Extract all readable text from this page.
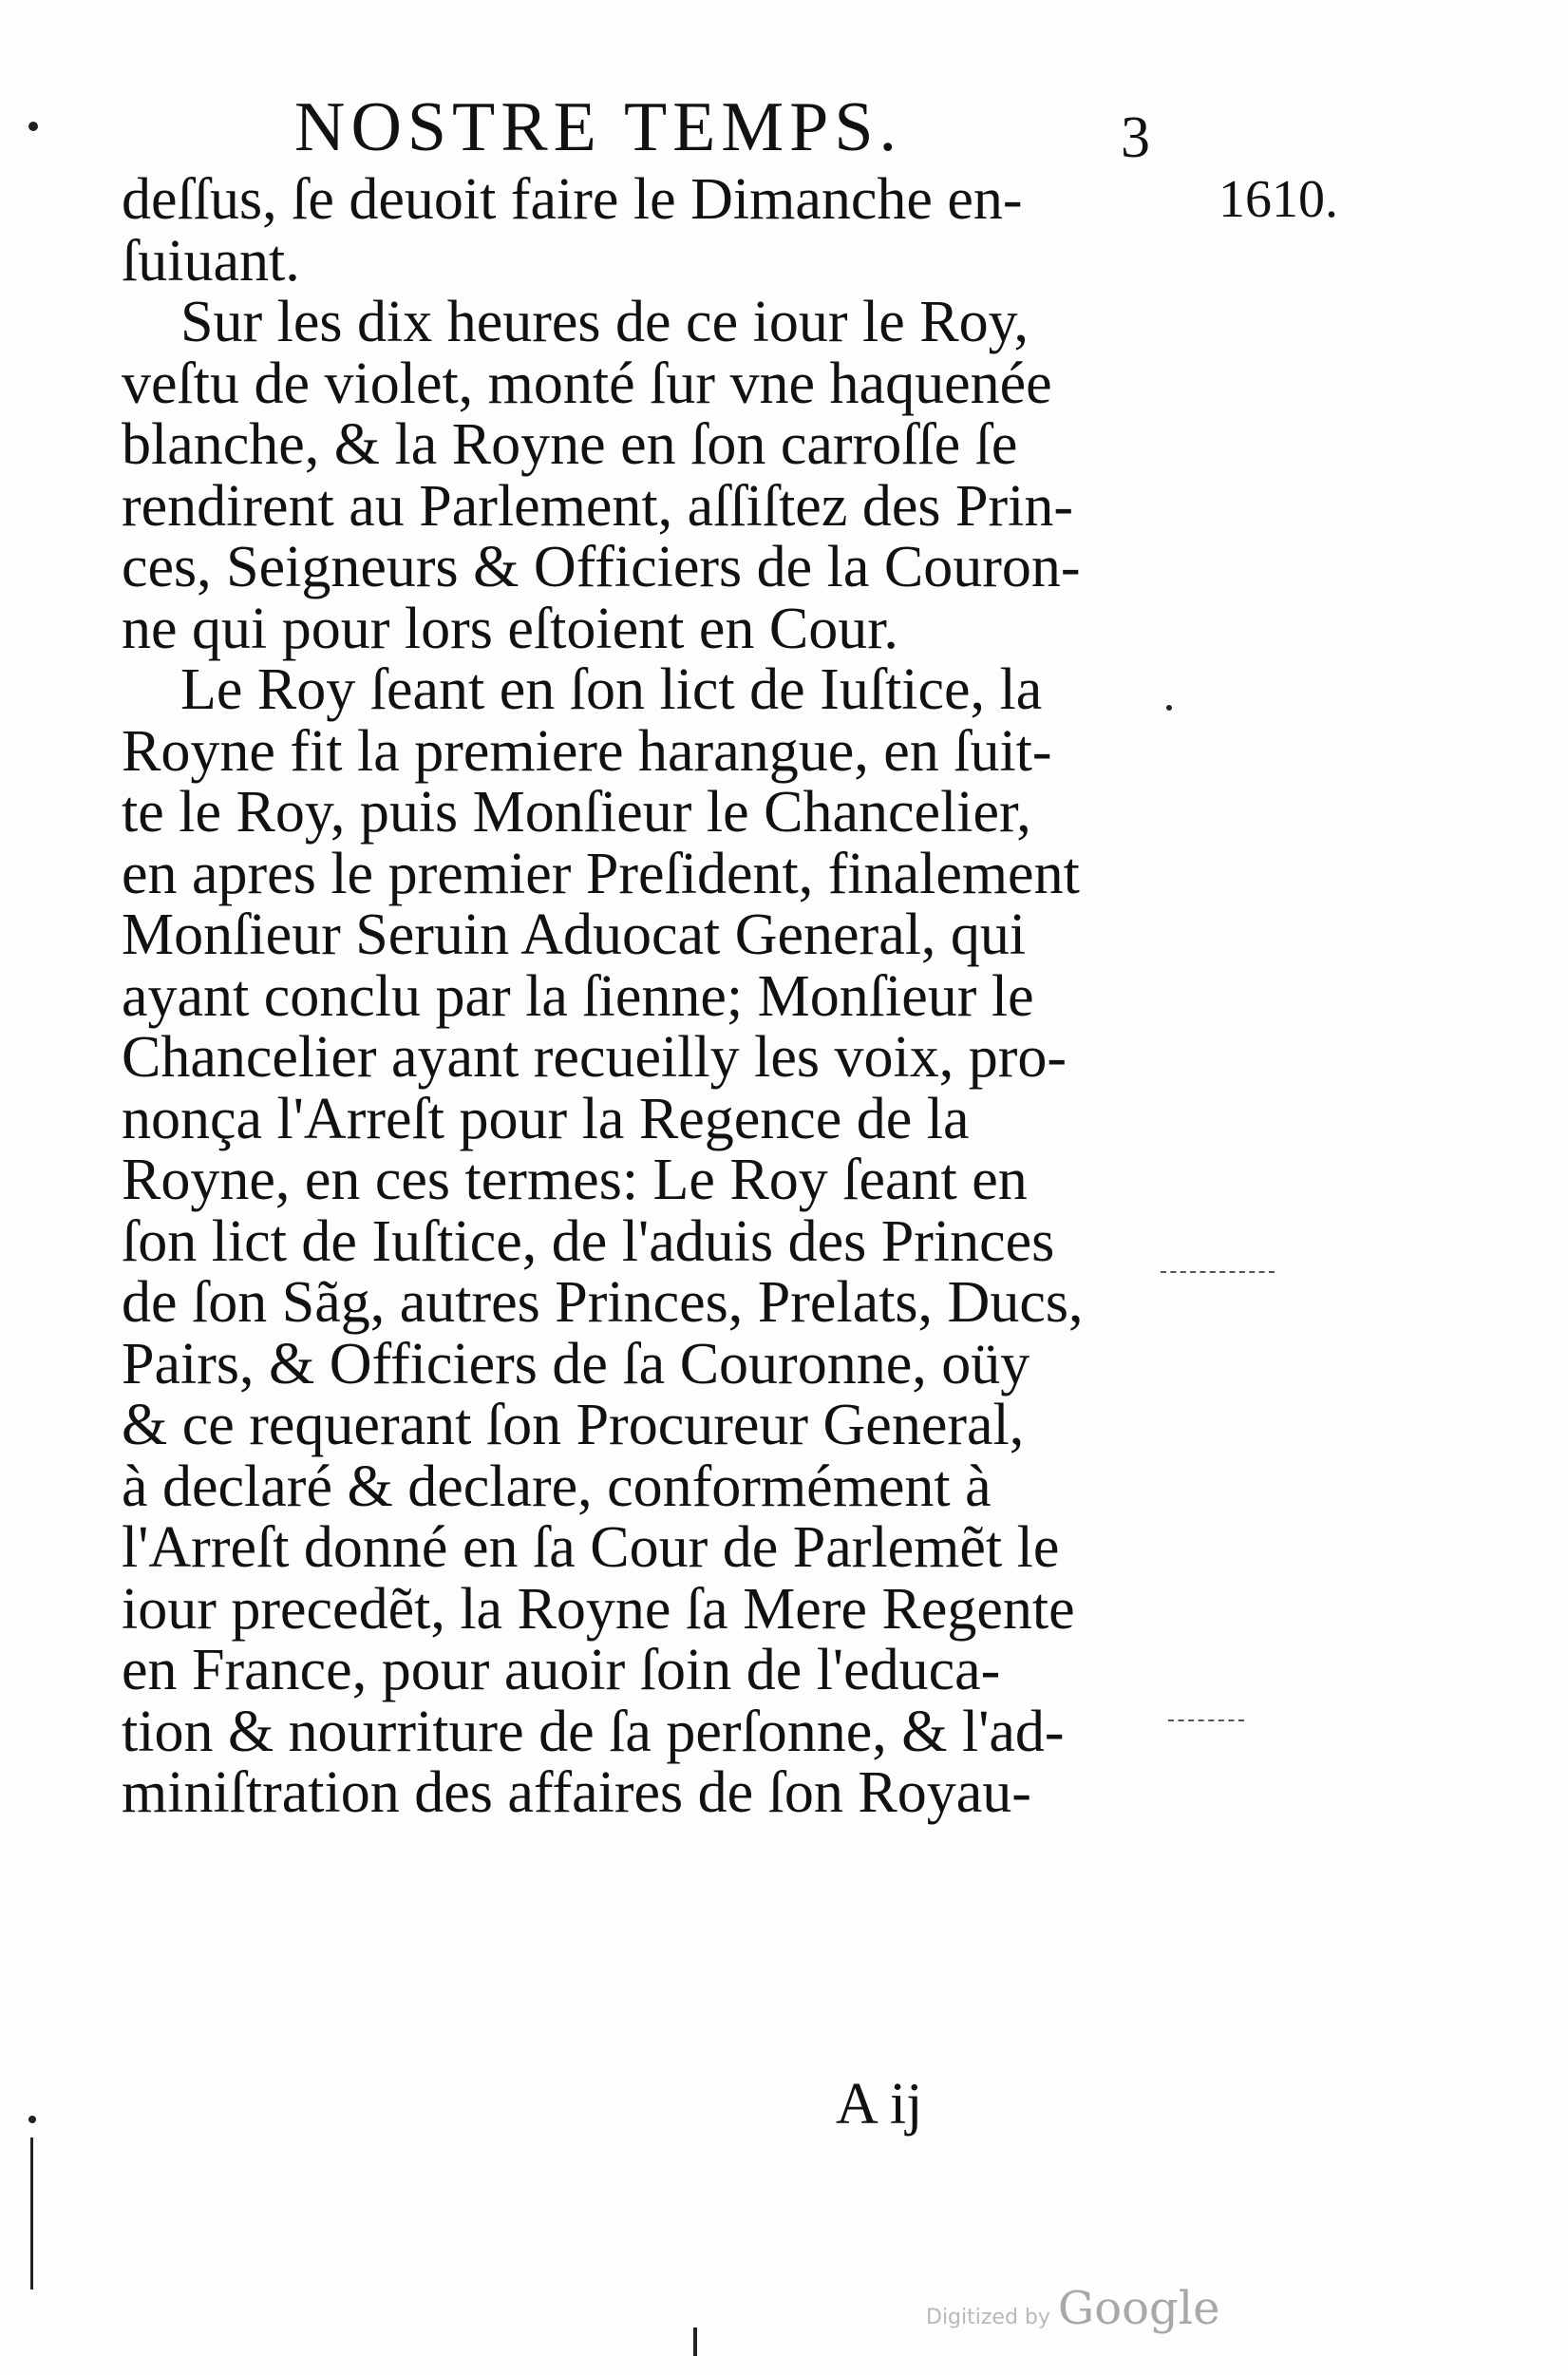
NOSTRE TEMPS.	3
1610.

deſſus, ſe deuoit faire le Dimanche en-

ſuiuant.

Sur les dix heures de ce iour le Roy,

veſtu de violet, monté ſur vne haquenée

blanche, & la Royne en ſon carroſſe ſe

rendirent au Parlement, aſſiſtez des Prin-

ces, Seigneurs & Officiers de la Couron-

ne qui pour lors eſtoient en Cour.

Le Roy ſeant en ſon lict de Iuſtice, la

Royne fit la premiere harangue, en ſuit-

te le Roy, puis Monſieur le Chancelier,

en apres le premier Preſident, finalement

Monſieur Seruin Aduocat General, qui

ayant conclu par la ſienne; Monſieur le

Chancelier ayant recueilly les voix, pro-

nonça l'Arreſt pour la Regence de la

Royne, en ces termes: Le Roy ſeant en

ſon lict de Iuſtice, de l'aduis des Princes

de ſon Sãg, autres Princes, Prelats, Ducs,

Pairs, & Officiers de ſa Couronne, oüy

& ce requerant ſon Procureur General,

à declaré & declare, conformément à

l'Arreſt donné en ſa Cour de Parlemẽt le

iour precedẽt, la Royne ſa Mere Regente

en France, pour auoir ſoin de l'educa-

tion & nourriture de ſa perſonne, & l'ad-

miniſtration des affaires de ſon Royau-

A ij
Digitized by Google
